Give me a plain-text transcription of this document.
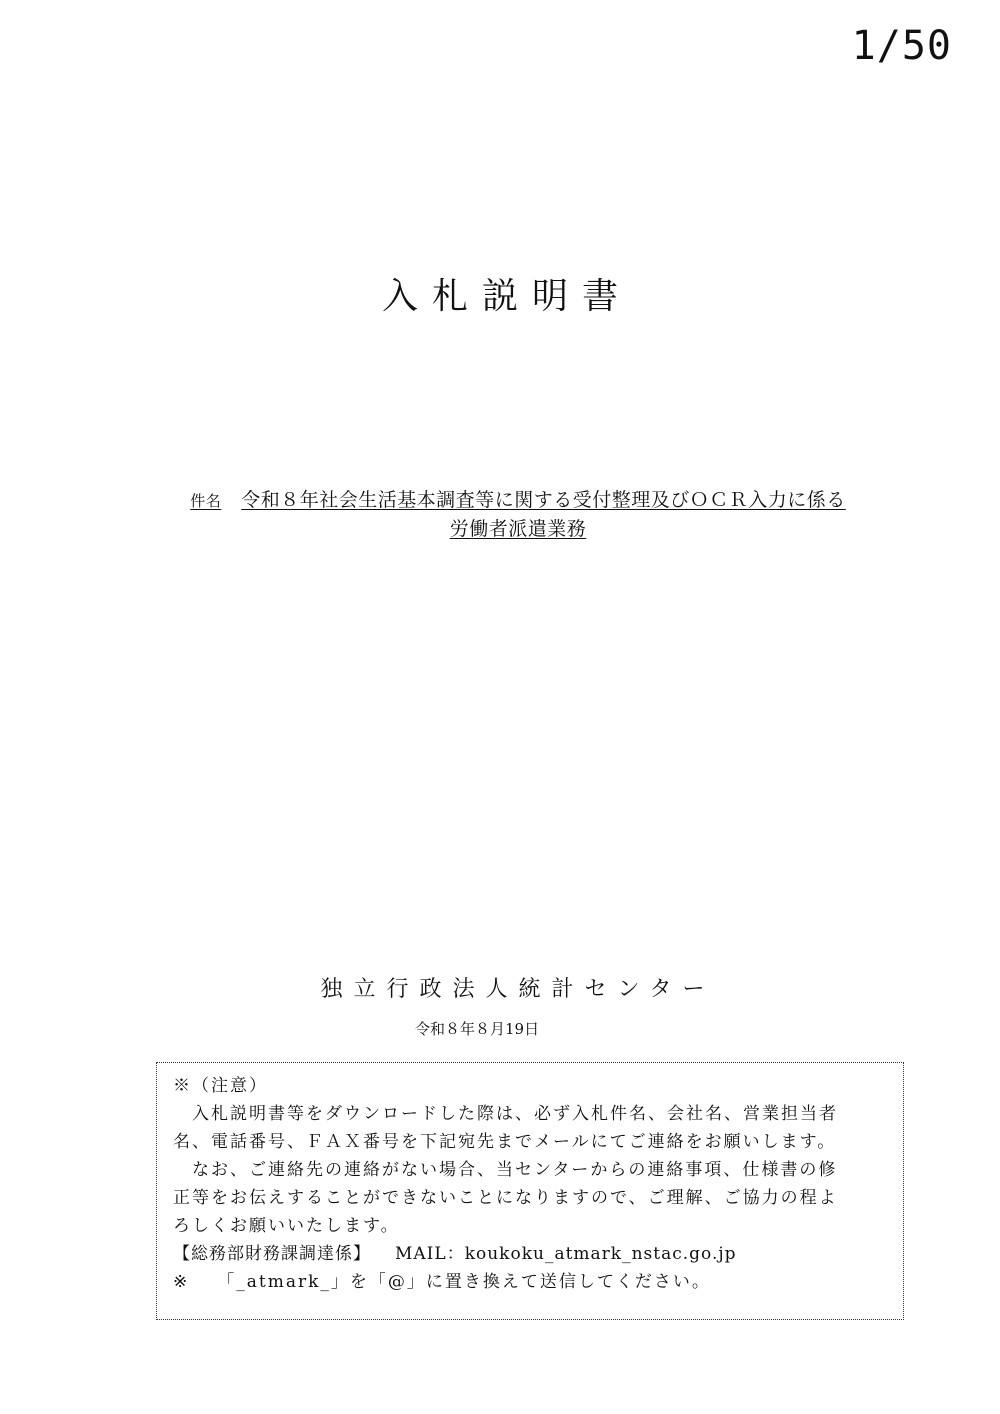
1/50
入札説明書
件名 令和８年社会生活基本調査等に関する受付整理及びＯＣＲ入力に係る
労働者派遣業務
独立行政法人統計センター
令和８年８月19日

※（注意）

入札説明書等をダウンロードした際は、必ず入札件名、会社名、営業担当者

名、電話番号、ＦＡＸ番号を下記宛先までメールにてご連絡をお願いします。

なお、ご連絡先の連絡がない場合、当センターからの連絡事項、仕様書の修

正等をお伝えすることができないことになりますので、ご理解、ご協力の程よ

ろしくお願いいたします。

【総務部財務課調達係】 MAIL：koukoku_atmark_nstac.go.jp

※ 「_atmark_」を「@」に置き換えて送信してください。
